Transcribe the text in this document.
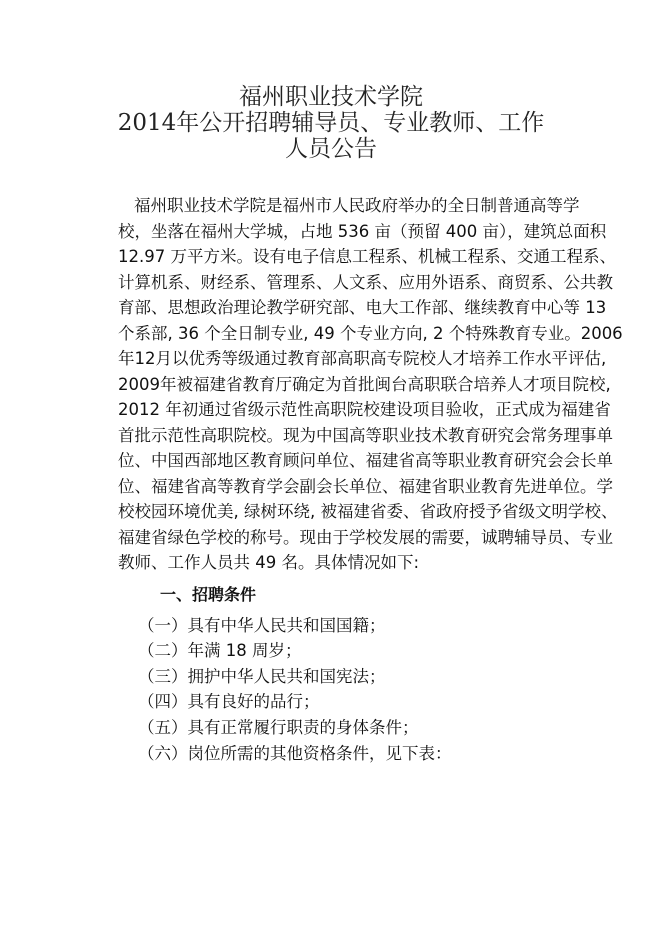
福州职业技术学院
2014年公开招聘辅导员、专业教师、工作
人员公告
福州职业技术学院是福州市人民政府举办的全日制普通高等学
校，坐落在福州大学城，占地 536 亩（预留 400 亩），建筑总面积
12.97 万平方米。设有电子信息工程系、机械工程系、交通工程系、
计算机系、财经系、管理系、人文系、应用外语系、商贸系、公共教
育部、思想政治理论教学研究部、电大工作部、继续教育中心等 13
个系部, 36 个全日制专业, 49 个专业方向, 2 个特殊教育专业。2006
年12月以优秀等级通过教育部高职高专院校人才培养工作水平评估,
2009年被福建省教育厅确定为首批闽台高职联合培养人才项目院校,
2012 年初通过省级示范性高职院校建设项目验收，正式成为福建省
首批示范性高职院校。现为中国高等职业技术教育研究会常务理事单
位、中国西部地区教育顾问单位、福建省高等职业教育研究会会长单
位、福建省高等教育学会副会长单位、福建省职业教育先进单位。学
校校园环境优美, 绿树环绕, 被福建省委、省政府授予省级文明学校、
福建省绿色学校的称号。现由于学校发展的需要，诚聘辅导员、专业
教师、工作人员共 49 名。具体情况如下:
一、招聘条件
（一）具有中华人民共和国国籍；
（二）年满 18 周岁；
（三）拥护中华人民共和国宪法；
（四）具有良好的品行；
（五）具有正常履行职责的身体条件；
（六）岗位所需的其他资格条件，见下表：
